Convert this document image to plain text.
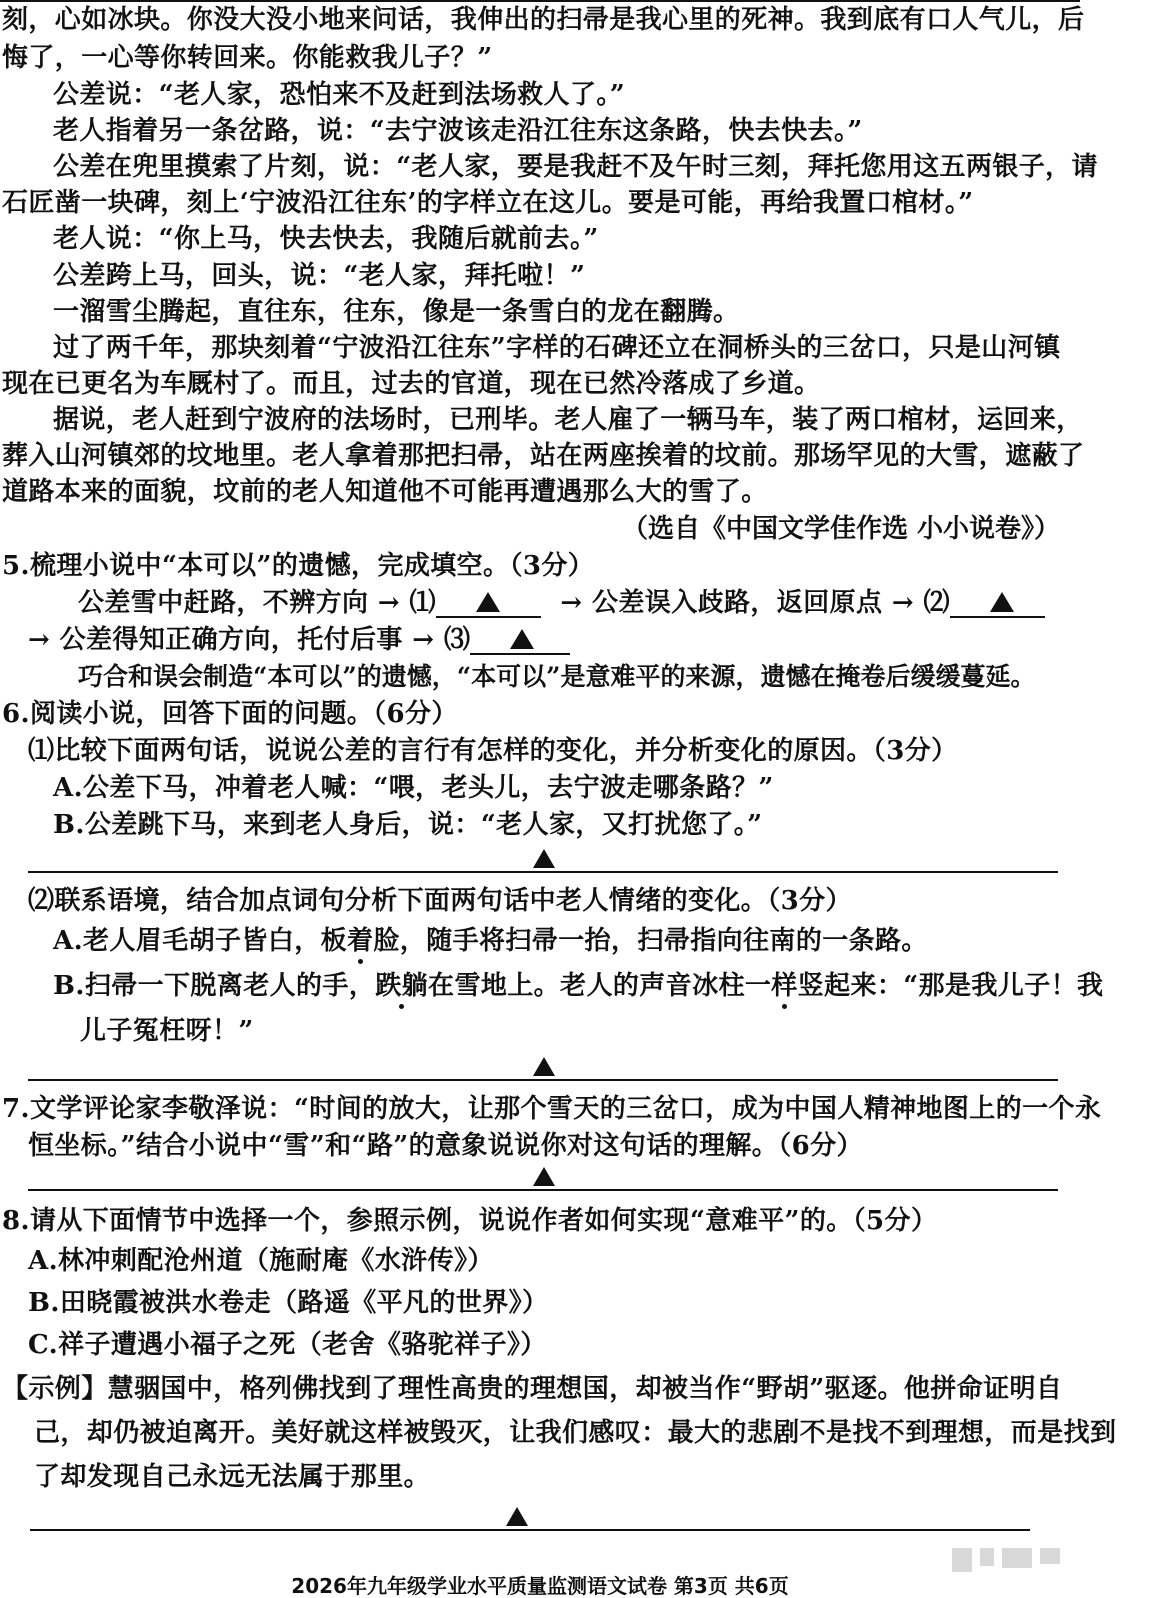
刻，心如冰块。你没大没小地来问话，我伸出的扫帚是我心里的死神。我到底有口人气儿，后
悔了，一心等你转回来。你能救我儿子？”
公差说：“老人家，恐怕来不及赶到法场救人了。”
老人指着另一条岔路，说：“去宁波该走沿江往东这条路，快去快去。”
公差在兜里摸索了片刻，说：“老人家，要是我赶不及午时三刻，拜托您用这五两银子，请
石匠凿一块碑，刻上‘宁波沿江往东’的字样立在这儿。要是可能，再给我置口棺材。”
老人说：“你上马，快去快去，我随后就前去。”
公差跨上马，回头，说：“老人家，拜托啦！”
一溜雪尘腾起，直往东，往东，像是一条雪白的龙在翻腾。
过了两千年，那块刻着“宁波沿江往东”字样的石碑还立在洞桥头的三岔口，只是山河镇
现在已更名为车厩村了。而且，过去的官道，现在已然冷落成了乡道。
据说，老人赶到宁波府的法场时，已刑毕。老人雇了一辆马车，装了两口棺材，运回来，
葬入山河镇郊的坟地里。老人拿着那把扫帚，站在两座挨着的坟前。那场罕见的大雪，遮蔽了
道路本来的面貌，坟前的老人知道他不可能再遭遇那么大的雪了。
（选自《中国文学佳作选 小小说卷》）
5.梳理小说中“本可以”的遗憾，完成填空。（3分）
公差雪中赶路，不辨方向 → ⑴	→ 公差误入歧路，返回原点 → ⑵
→ 公差得知正确方向，托付后事 → ⑶
巧合和误会制造“本可以”的遗憾，“本可以”是意难平的来源，遗憾在掩卷后缓缓蔓延。
6.阅读小说，回答下面的问题。（6分）
⑴比较下面两句话，说说公差的言行有怎样的变化，并分析变化的原因。（3分）
A.公差下马，冲着老人喊：“喂，老头儿，去宁波走哪条路？”
B.公差跳下马，来到老人身后，说：“老人家，又打扰您了。”
⑵联系语境，结合加点词句分析下面两句话中老人情绪的变化。（3分）
A.老人眉毛胡子皆白，板着脸，随手将扫帚一抬，扫帚指向往南的一条路。
B.扫帚一下脱离老人的手，跌躺在雪地上。老人的声音冰柱一样竖起来：“那是我儿子！我
儿子冤枉呀！”
7.文学评论家李敬泽说：“时间的放大，让那个雪天的三岔口，成为中国人精神地图上的一个永
恒坐标。”结合小说中“雪”和“路”的意象说说你对这句话的理解。（6分）
8.请从下面情节中选择一个，参照示例，说说作者如何实现“意难平”的。（5分）
A.林冲刺配沧州道（施耐庵《水浒传》）
B.田晓霞被洪水卷走（路遥《平凡的世界》）
C.祥子遭遇小福子之死（老舍《骆驼祥子》）
【示例】慧骃国中，格列佛找到了理性高贵的理想国，却被当作“野胡”驱逐。他拼命证明自
己，却仍被迫离开。美好就这样被毁灭，让我们感叹：最大的悲剧不是找不到理想，而是找到
了却发现自己永远无法属于那里。
2026年九年级学业水平质量监测语文试卷 第3页 共6页
